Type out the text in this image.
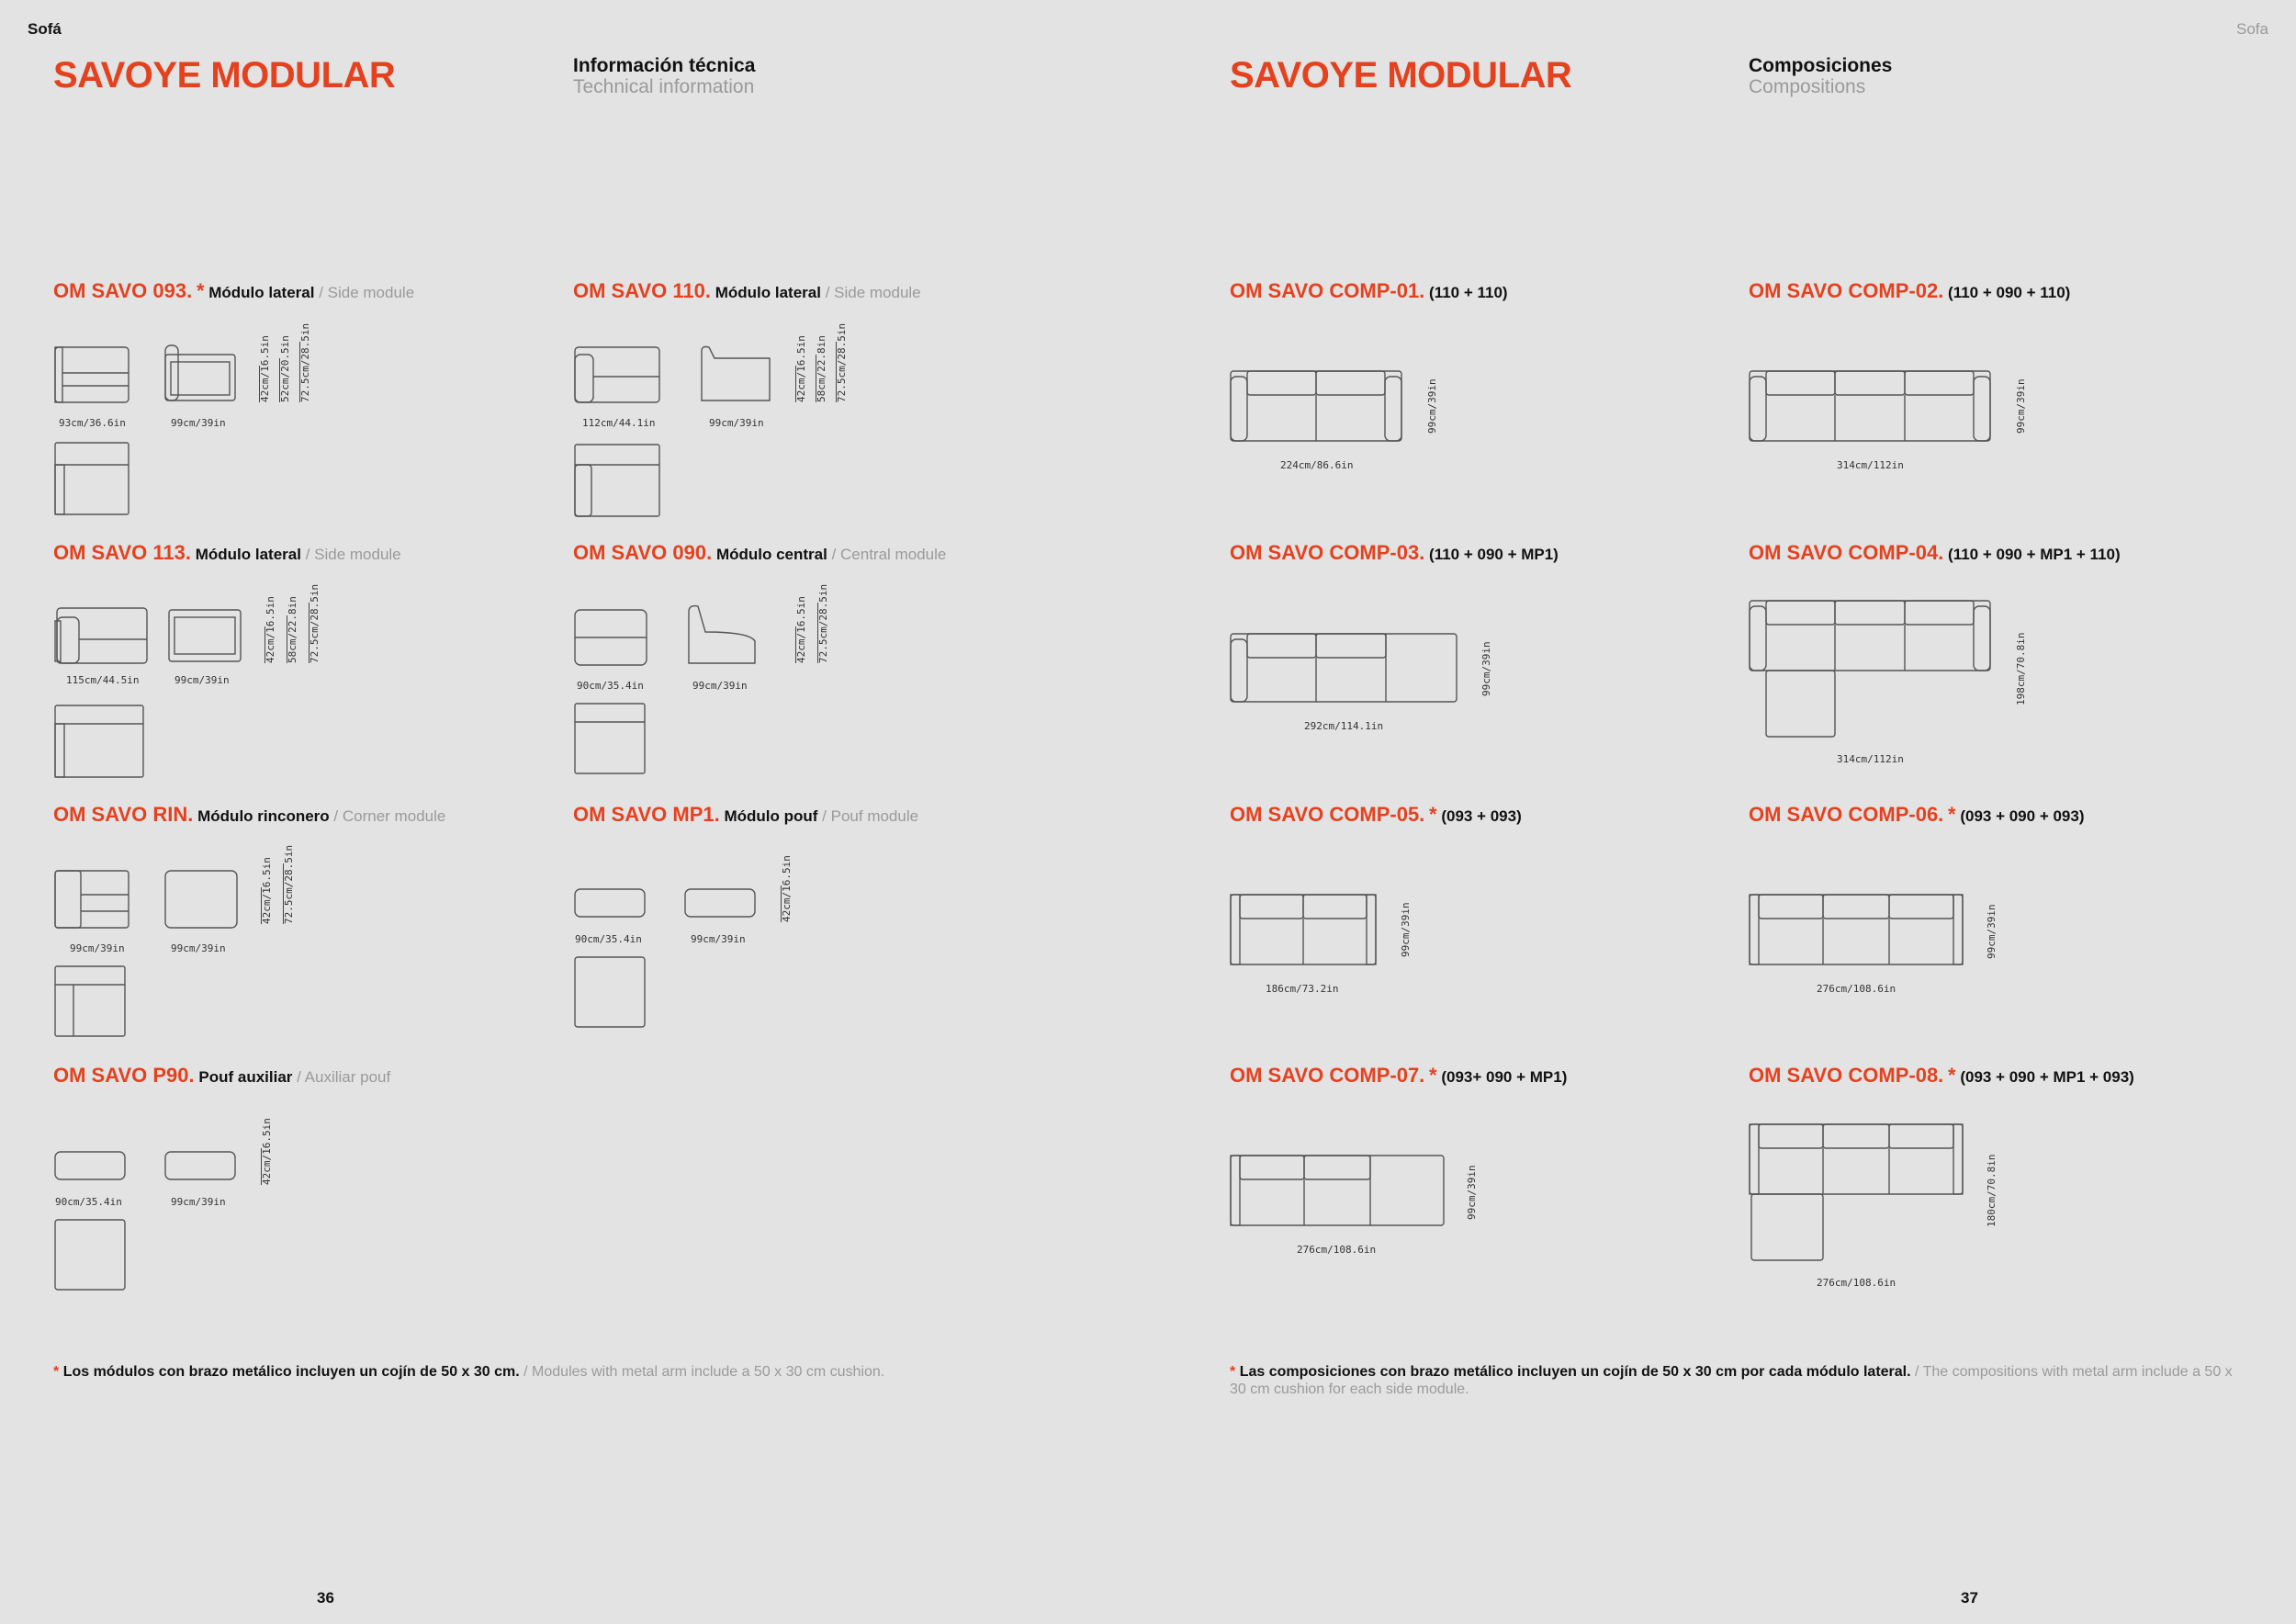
Sofá	Sofa
SAVOYE MODULAR	Información técnica
Technical information	SAVOYE MODULAR	Composiciones
Compositions
OM SAVO 093. * Módulo lateral / Side module
93cm/36.6in	99cm/39in
42cm/16.5in 52cm/20.5in 72.5cm/28.5in
OM SAVO 110. Módulo lateral / Side module
112cm/44.1in	99cm/39in
42cm/16.5in 58cm/22.8in 72.5cm/28.5in
OM SAVO 113. Módulo lateral / Side module
115cm/44.5in	99cm/39in
42cm/16.5in 58cm/22.8in 72.5cm/28.5in
OM SAVO 090. Módulo central / Central module
90cm/35.4in	99cm/39in
42cm/16.5in 72.5cm/28.5in
OM SAVO RIN. Módulo rinconero / Corner module
99cm/39in	99cm/39in
42cm/16.5in 72.5cm/28.5in
OM SAVO MP1. Módulo pouf / Pouf module
90cm/35.4in	99cm/39in
42cm/16.5in
OM SAVO P90. Pouf auxiliar / Auxiliar pouf
90cm/35.4in	99cm/39in
42cm/16.5in
* Los módulos con brazo metálico incluyen un cojín de 50 x 30 cm. / Modules with metal arm include a 50 x 30 cm cushion.
36
OM SAVO COMP-01. (110 + 110)
224cm/86.6in
99cm/39in
OM SAVO COMP-02. (110 + 090 + 110)
314cm/112in
99cm/39in
OM SAVO COMP-03. (110 + 090 + MP1)
292cm/114.1in
99cm/39in
OM SAVO COMP-04. (110 + 090 + MP1 + 110)
314cm/112in
198cm/70.8in
OM SAVO COMP-05. * (093 + 093)
186cm/73.2in
99cm/39in
OM SAVO COMP-06. * (093 + 090 + 093)
276cm/108.6in
99cm/39in
OM SAVO COMP-07. * (093+ 090 + MP1)
276cm/108.6in
99cm/39in
OM SAVO COMP-08. * (093 + 090 + MP1 + 093)
276cm/108.6in
180cm/70.8in
* Las composiciones con brazo metálico incluyen un cojín de 50 x 30 cm por cada módulo lateral. / The compositions with metal arm include a 50 x 30 cm cushion for each side module.
37
